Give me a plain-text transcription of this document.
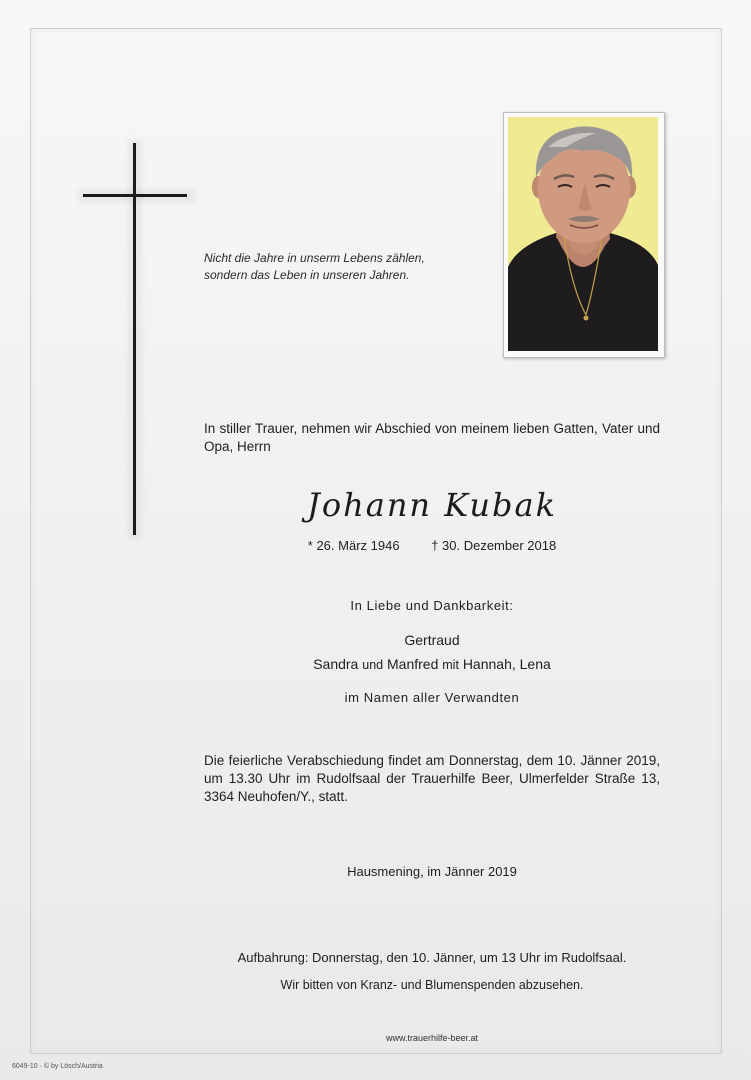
Nicht die Jahre in unserm Lebens zählen,
sondern das Leben in unseren Jahren.
In stiller Trauer, nehmen wir Abschied von meinem lieben Gatten, Vater und Opa, Herrn
Johann Kubak
* 26. März 1946 † 30. Dezember 2018
In Liebe und Dankbarkeit:
Gertraud
Sandra und Manfred mit Hannah, Lena
im Namen aller Verwandten
Die feierliche Verabschiedung findet am Donnerstag, dem 10. Jänner 2019, um 13.30 Uhr im Rudolfsaal der Trauerhilfe Beer, Ulmerfelder Straße 13, 3364 Neuhofen/Y., statt.
Hausmening, im Jänner 2019
Aufbahrung: Donnerstag, den 10. Jänner, um 13 Uhr im Rudolfsaal.
Wir bitten von Kranz- und Blumenspenden abzusehen.
www.trauerhilfe-beer.at
6049-10 · © by Lösch/Austria
